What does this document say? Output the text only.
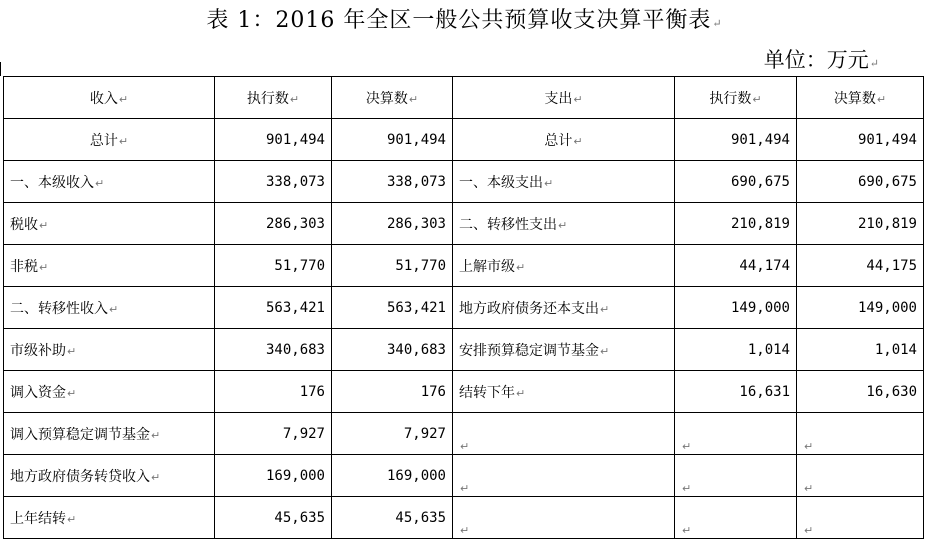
表 1：2016 年全区一般公共预算收支决算平衡表↵
单位：万元↵
收入↵	执行数↵	决算数↵	支出↵	执行数↵	决算数↵
总计↵	901,494	901,494	总计↵	901,494	901,494
一、本级收入↵	338,073	338,073	一、本级支出↵	690,675	690,675
税收↵	286,303	286,303	二、转移性支出↵	210,819	210,819
非税↵	51,770	51,770	上解市级↵	44,174	44,175
二、转移性收入↵	563,421	563,421	地方政府债务还本支出↵	149,000	149,000
市级补助↵	340,683	340,683	安排预算稳定调节基金↵	1,014	1,014
调入资金↵	176	176	结转下年↵	16,631	16,630
调入预算稳定调节基金↵	7,927	7,927	↵	↵	↵
地方政府债务转贷收入↵	169,000	169,000	↵	↵	↵
上年结转↵	45,635	45,635	↵	↵	↵
